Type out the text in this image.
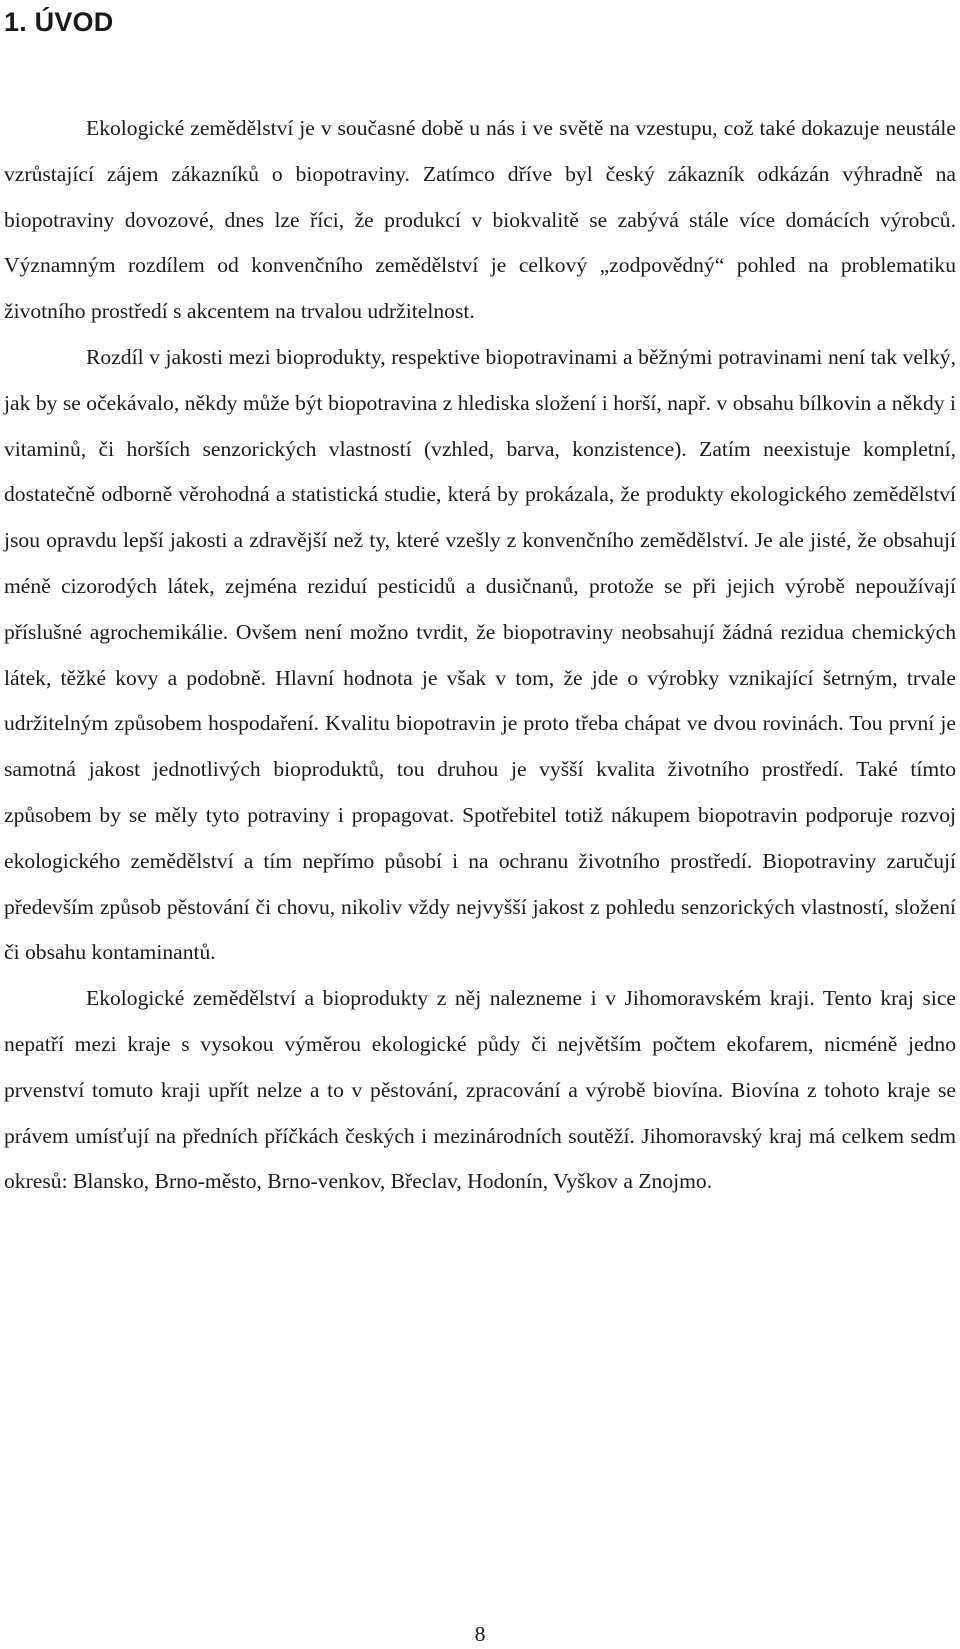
1. ÚVOD

Ekologické zemědělství je v současné době u nás i ve světě na vzestupu, což také dokazuje neustále vzrůstající zájem zákazníků o biopotraviny. Zatímco dříve byl český zákazník odkázán výhradně na biopotraviny dovozové, dnes lze říci, že produkcí v biokvalitě se zabývá stále více domácích výrobců. Významným rozdílem od konvenčního zemědělství je celkový „zodpovědný“ pohled na problematiku životního prostředí s akcentem na trvalou udržitelnost.

Rozdíl v jakosti mezi bioprodukty, respektive biopotravinami a běžnými potravinami není tak velký, jak by se očekávalo, někdy může být biopotravina z hlediska složení i horší, např. v obsahu bílkovin a někdy i vitaminů, či horších senzorických vlastností (vzhled, barva, konzistence). Zatím neexistuje kompletní, dostatečně odborně věrohodná a statistická studie, která by prokázala, že produkty ekologického zemědělství jsou opravdu lepší jakosti a zdravější než ty, které vzešly z konvenčního zemědělství. Je ale jisté, že obsahují méně cizorodých látek, zejména reziduí pesticidů a dusičnanů, protože se při jejich výrobě nepoužívají příslušné agrochemikálie. Ovšem není možno tvrdit, že biopotraviny neobsahují žádná rezidua chemických látek, těžké kovy a podobně. Hlavní hodnota je však v tom, že jde o výrobky vznikající šetrným, trvale udržitelným způsobem hospodaření. Kvalitu biopotravin je proto třeba chápat ve dvou rovinách. Tou první je samotná jakost jednotlivých bioproduktů, tou druhou je vyšší kvalita životního prostředí. Také tímto způsobem by se měly tyto potraviny i propagovat. Spotřebitel totiž nákupem biopotravin podporuje rozvoj ekologického zemědělství a tím nepřímo působí i na ochranu životního prostředí. Biopotraviny zaručují především způsob pěstování či chovu, nikoliv vždy nejvyšší jakost z pohledu senzorických vlastností, složení či obsahu kontaminantů.

Ekologické zemědělství a bioprodukty z něj nalezneme i v Jihomoravském kraji. Tento kraj sice nepatří mezi kraje s vysokou výměrou ekologické půdy či největším počtem ekofarem, nicméně jedno prvenství tomuto kraji upřít nelze a to v pěstování, zpracování a výrobě biovína. Biovína z tohoto kraje se právem umísťují na předních příčkách českých i mezinárodních soutěží. Jihomoravský kraj má celkem sedm okresů: Blansko, Brno-město, Brno-venkov, Břeclav, Hodonín, Vyškov a Znojmo.

8
